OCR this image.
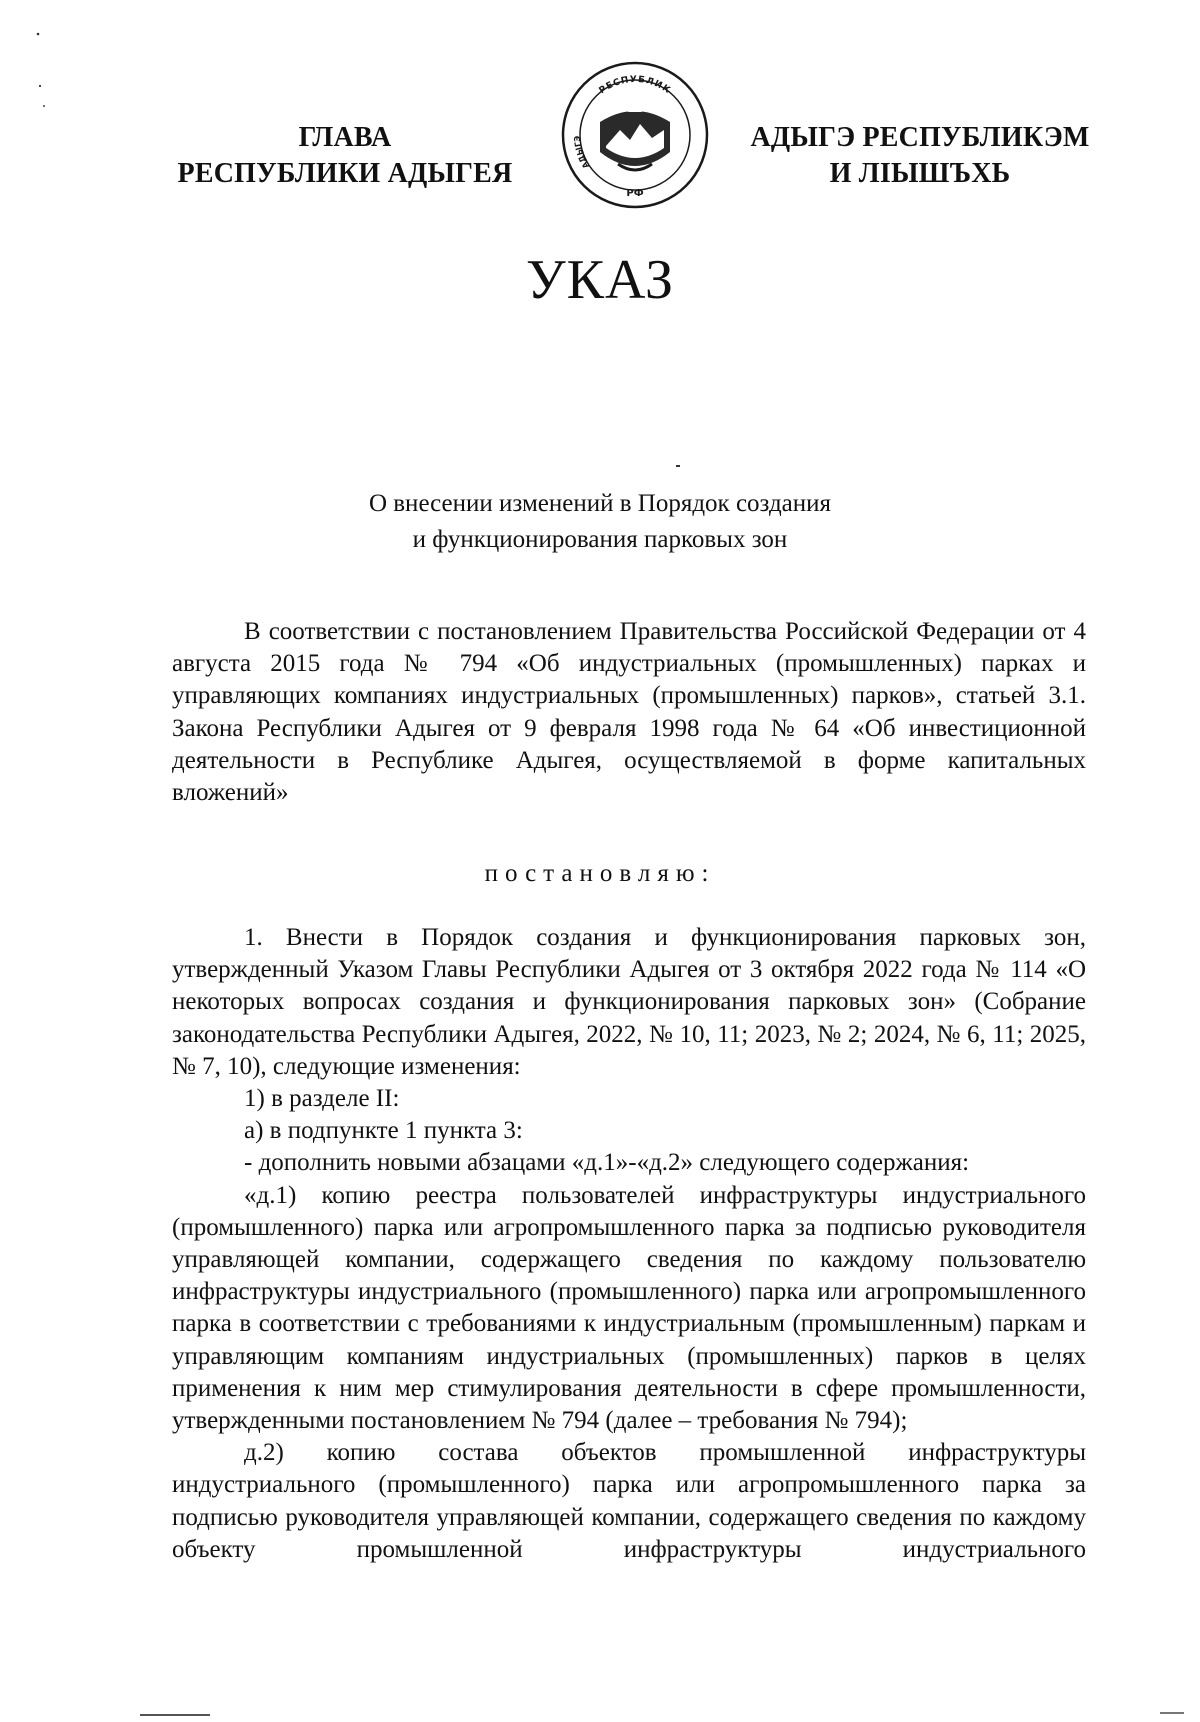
ГЛАВА
РЕСПУБЛИКИ АДЫГЕЯ
РЕСПУБЛИК
АДЫГЭ
РФ
АДЫГЭ РЕСПУБЛИКЭМ
И ЛІЫШЪХЬ
УКАЗ
О внесении изменений в Порядок создания
и функционирования парковых зон

В соответствии с постановлением Правительства Российской Федерации от 4 августа 2015 года № 794 «Об индустриальных (промышленных) парках и управляющих компаниях индустриальных (промышленных) парков», статьей 3.1. Закона Республики Адыгея от 9 февраля 1998 года № 64 «Об инвестиционной деятельности в Республике Адыгея, осуществляемой в форме капитальных вложений»

постановляю:

1. Внести в Порядок создания и функционирования парковых зон, утвержденный Указом Главы Республики Адыгея от 3 октября 2022 года № 114 «О некоторых вопросах создания и функционирования парковых зон» (Собрание законодательства Республики Адыгея, 2022, № 10, 11; 2023, № 2; 2024, № 6, 11; 2025, № 7, 10), следующие изменения:

1) в разделе II:

а) в подпункте 1 пункта 3:

- дополнить новыми абзацами «д.1»-«д.2» следующего содержания:

«д.1) копию реестра пользователей инфраструктуры индустриального (промышленного) парка или агропромышленного парка за подписью руководителя управляющей компании, содержащего сведения по каждому пользователю инфраструктуры индустриального (промышленного) парка или агропромышленного парка в соответствии с требованиями к индустриальным (промышленным) паркам и управляющим компаниям индустриальных (промышленных) парков в целях применения к ним мер стимулирования деятельности в сфере промышленности, утвержденными постановлением № 794 (далее – требования № 794);

д.2) копию состава объектов промышленной инфраструктуры индустриального (промышленного) парка или агропромышленного парка за подписью руководителя управляющей компании, содержащего сведения по каждому объекту промышленной инфраструктуры индустриального
